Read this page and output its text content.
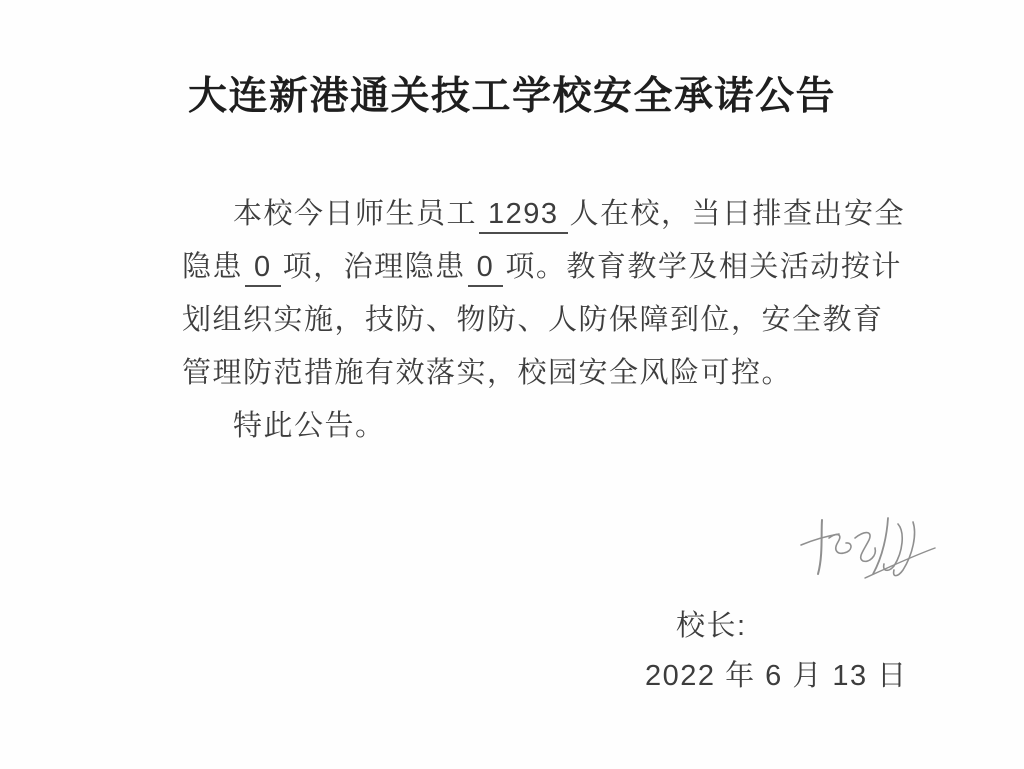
大连新港通关技工学校安全承诺公告
本校今日师生员工 1293 人在校，当日排查出安全
隐患 0 项，治理隐患 0 项。教育教学及相关活动按计
划组织实施，技防、物防、人防保障到位，安全教育
管理防范措施有效落实，校园安全风险可控。
特此公告。
校长:
2022 年 6 月 13 日
